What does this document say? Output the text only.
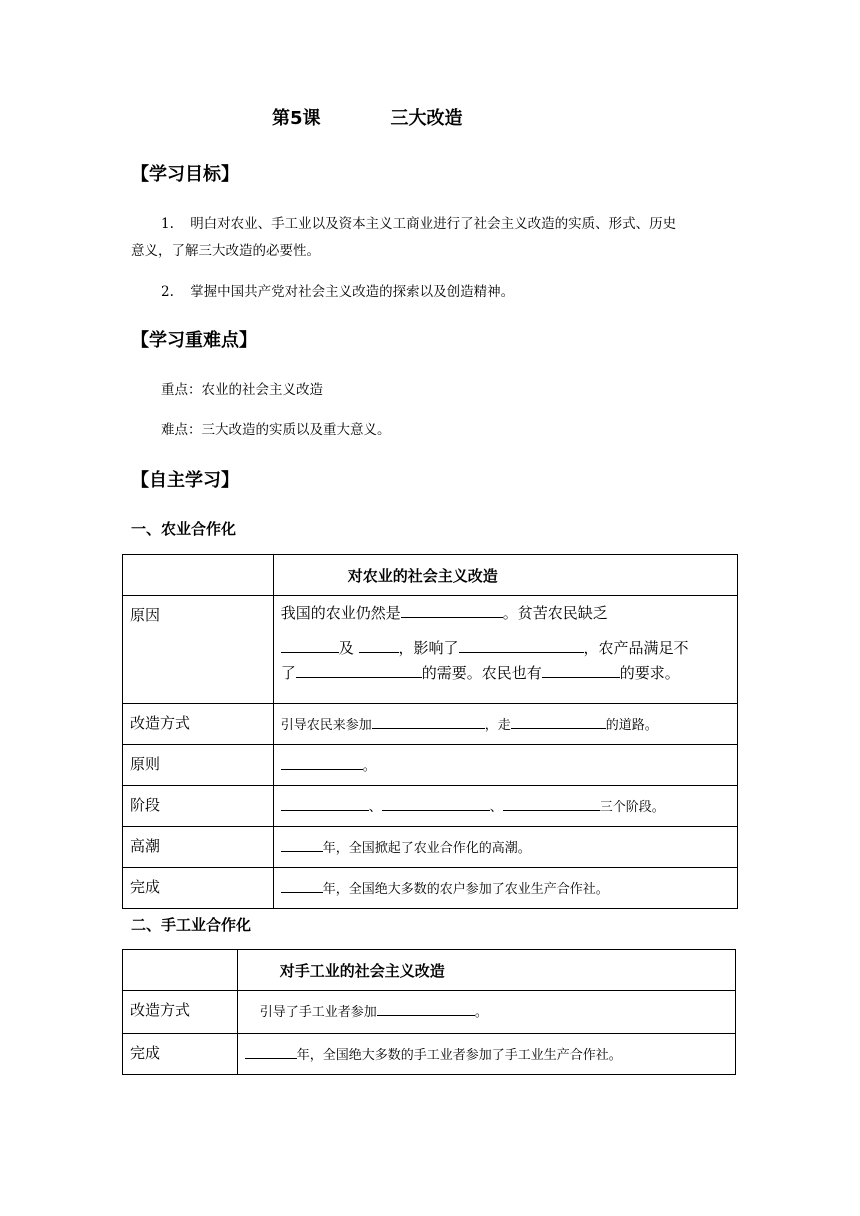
第5课	三大改造
【学习目标】
1. 明白对农业、手工业以及资本主义工商业进行了社会主义改造的实质、形式、历史
意义，了解三大改造的必要性。
2. 掌握中国共产党对社会主义改造的探索以及创造精神。
【学习重难点】
重点：农业的社会主义改造
难点：三大改造的实质以及重大意义。
【自主学习】
一、农业合作化
	对农业的社会主义改造
原因	我国的农业仍然是 。贫苦农民缺乏
及 ，影响了 ，农产品满足不
了 的需要。农民也有 的要求。

改造方式	引导农民来参加 ，走 的道路。
原则	。
阶段	、 、 三个阶段。
高潮	年，全国掀起了农业合作化的高潮。
完成	年，全国绝大多数的农户参加了农业生产合作社。
二、手工业合作化
	对手工业的社会主义改造
改造方式	引导了手工业者参加 。
完成	年，全国绝大多数的手工业者参加了手工业生产合作社。
